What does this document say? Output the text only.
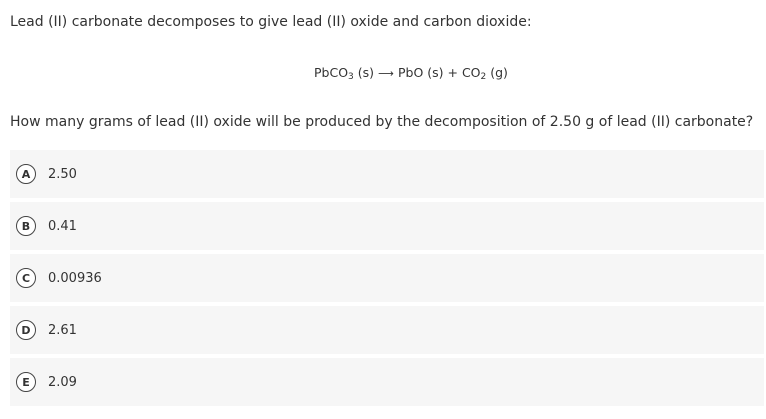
Lead (II) carbonate decomposes to give lead (II) oxide and carbon dioxide:
PbCO$_3$ (s) ⟶ PbO $(s) + CO_2$ (g)
How many grams of lead (II) oxide will be produced by the decomposition of 2.50 g of lead (II) carbonate?
A	2.50
B	0.41
C	0.00936
D	2.61
E	2.09
